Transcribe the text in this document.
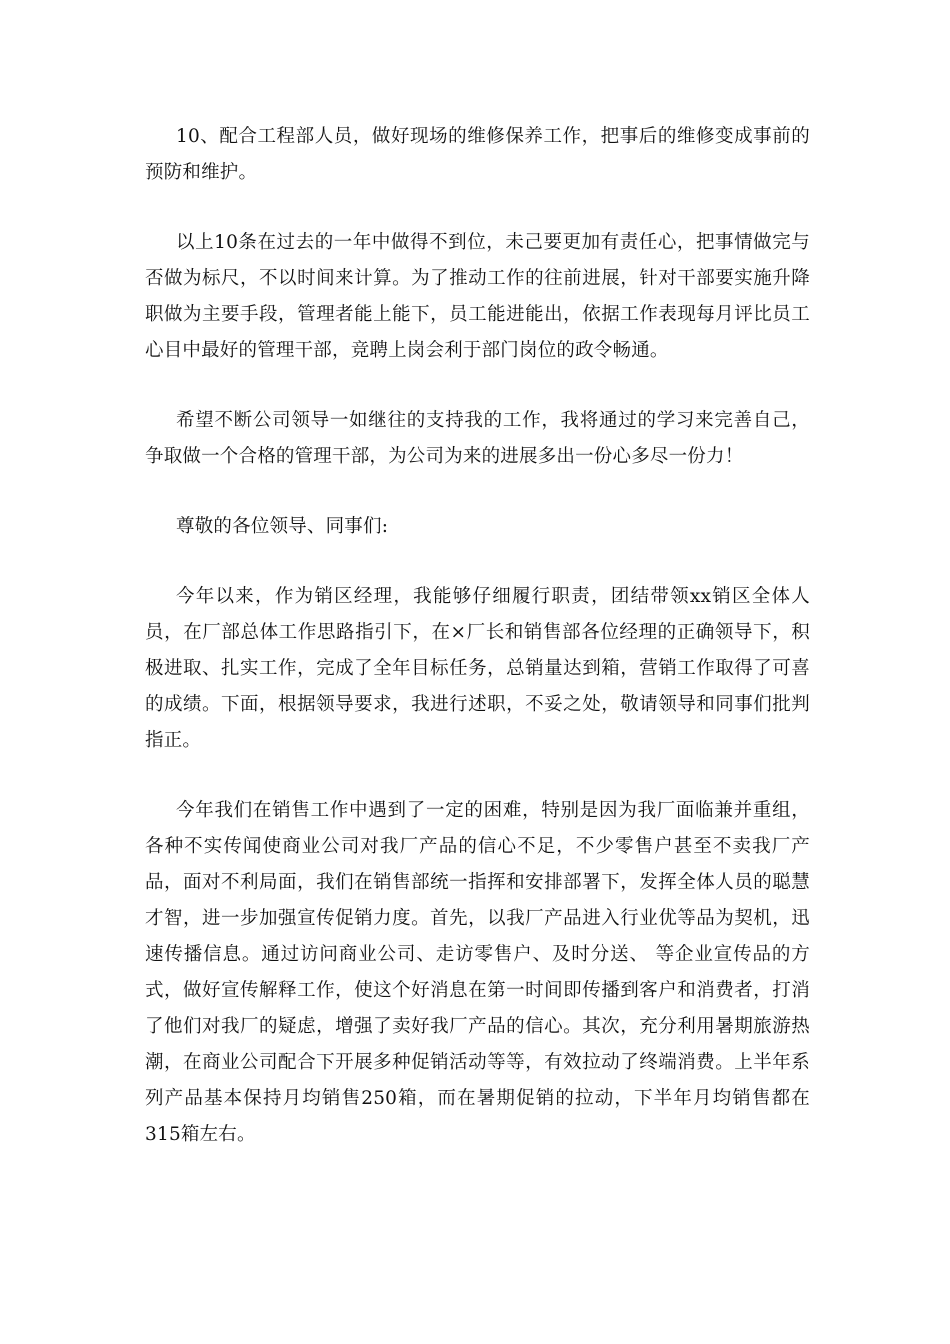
10、配合工程部人员，做好现场的维修保养工作，把事后的维修变成事前的预防和维护。

以上10条在过去的一年中做得不到位，未己要更加有责任心，把事情做完与否做为标尺，不以时间来计算。为了推动工作的往前进展，针对干部要实施升降职做为主要手段，管理者能上能下，员工能进能出，依据工作表现每月评比员工心目中最好的管理干部，竞聘上岗会利于部门岗位的政令畅通。

希望不断公司领导一如继往的支持我的工作，我将通过的学习来完善自己，争取做一个合格的管理干部，为公司为来的进展多出一份心多尽一份力！

尊敬的各位领导、同事们:

今年以来，作为销区经理，我能够仔细履行职责，团结带领xx销区全体人员，在厂部总体工作思路指引下，在×厂长和销售部各位经理的正确领导下，积极进取、扎实工作，完成了全年目标任务，总销量达到箱，营销工作取得了可喜的成绩。下面，根据领导要求，我进行述职，不妥之处，敬请领导和同事们批判指正。

今年我们在销售工作中遇到了一定的困难，特别是因为我厂面临兼并重组，各种不实传闻使商业公司对我厂产品的信心不足，不少零售户甚至不卖我厂产品，面对不利局面，我们在销售部统一指挥和安排部署下，发挥全体人员的聪慧才智，进一步加强宣传促销力度。首先，以我厂产品进入行业优等品为契机，迅速传播信息。通过访问商业公司、走访零售户、及时分送、 等企业宣传品的方式，做好宣传解释工作，使这个好消息在第一时间即传播到客户和消费者，打消了他们对我厂的疑虑，增强了卖好我厂产品的信心。其次，充分利用暑期旅游热潮，在商业公司配合下开展多种促销活动等等，有效拉动了终端消费。上半年系列产品基本保持月均销售250箱，而在暑期促销的拉动，下半年月均销售都在315箱左右。
